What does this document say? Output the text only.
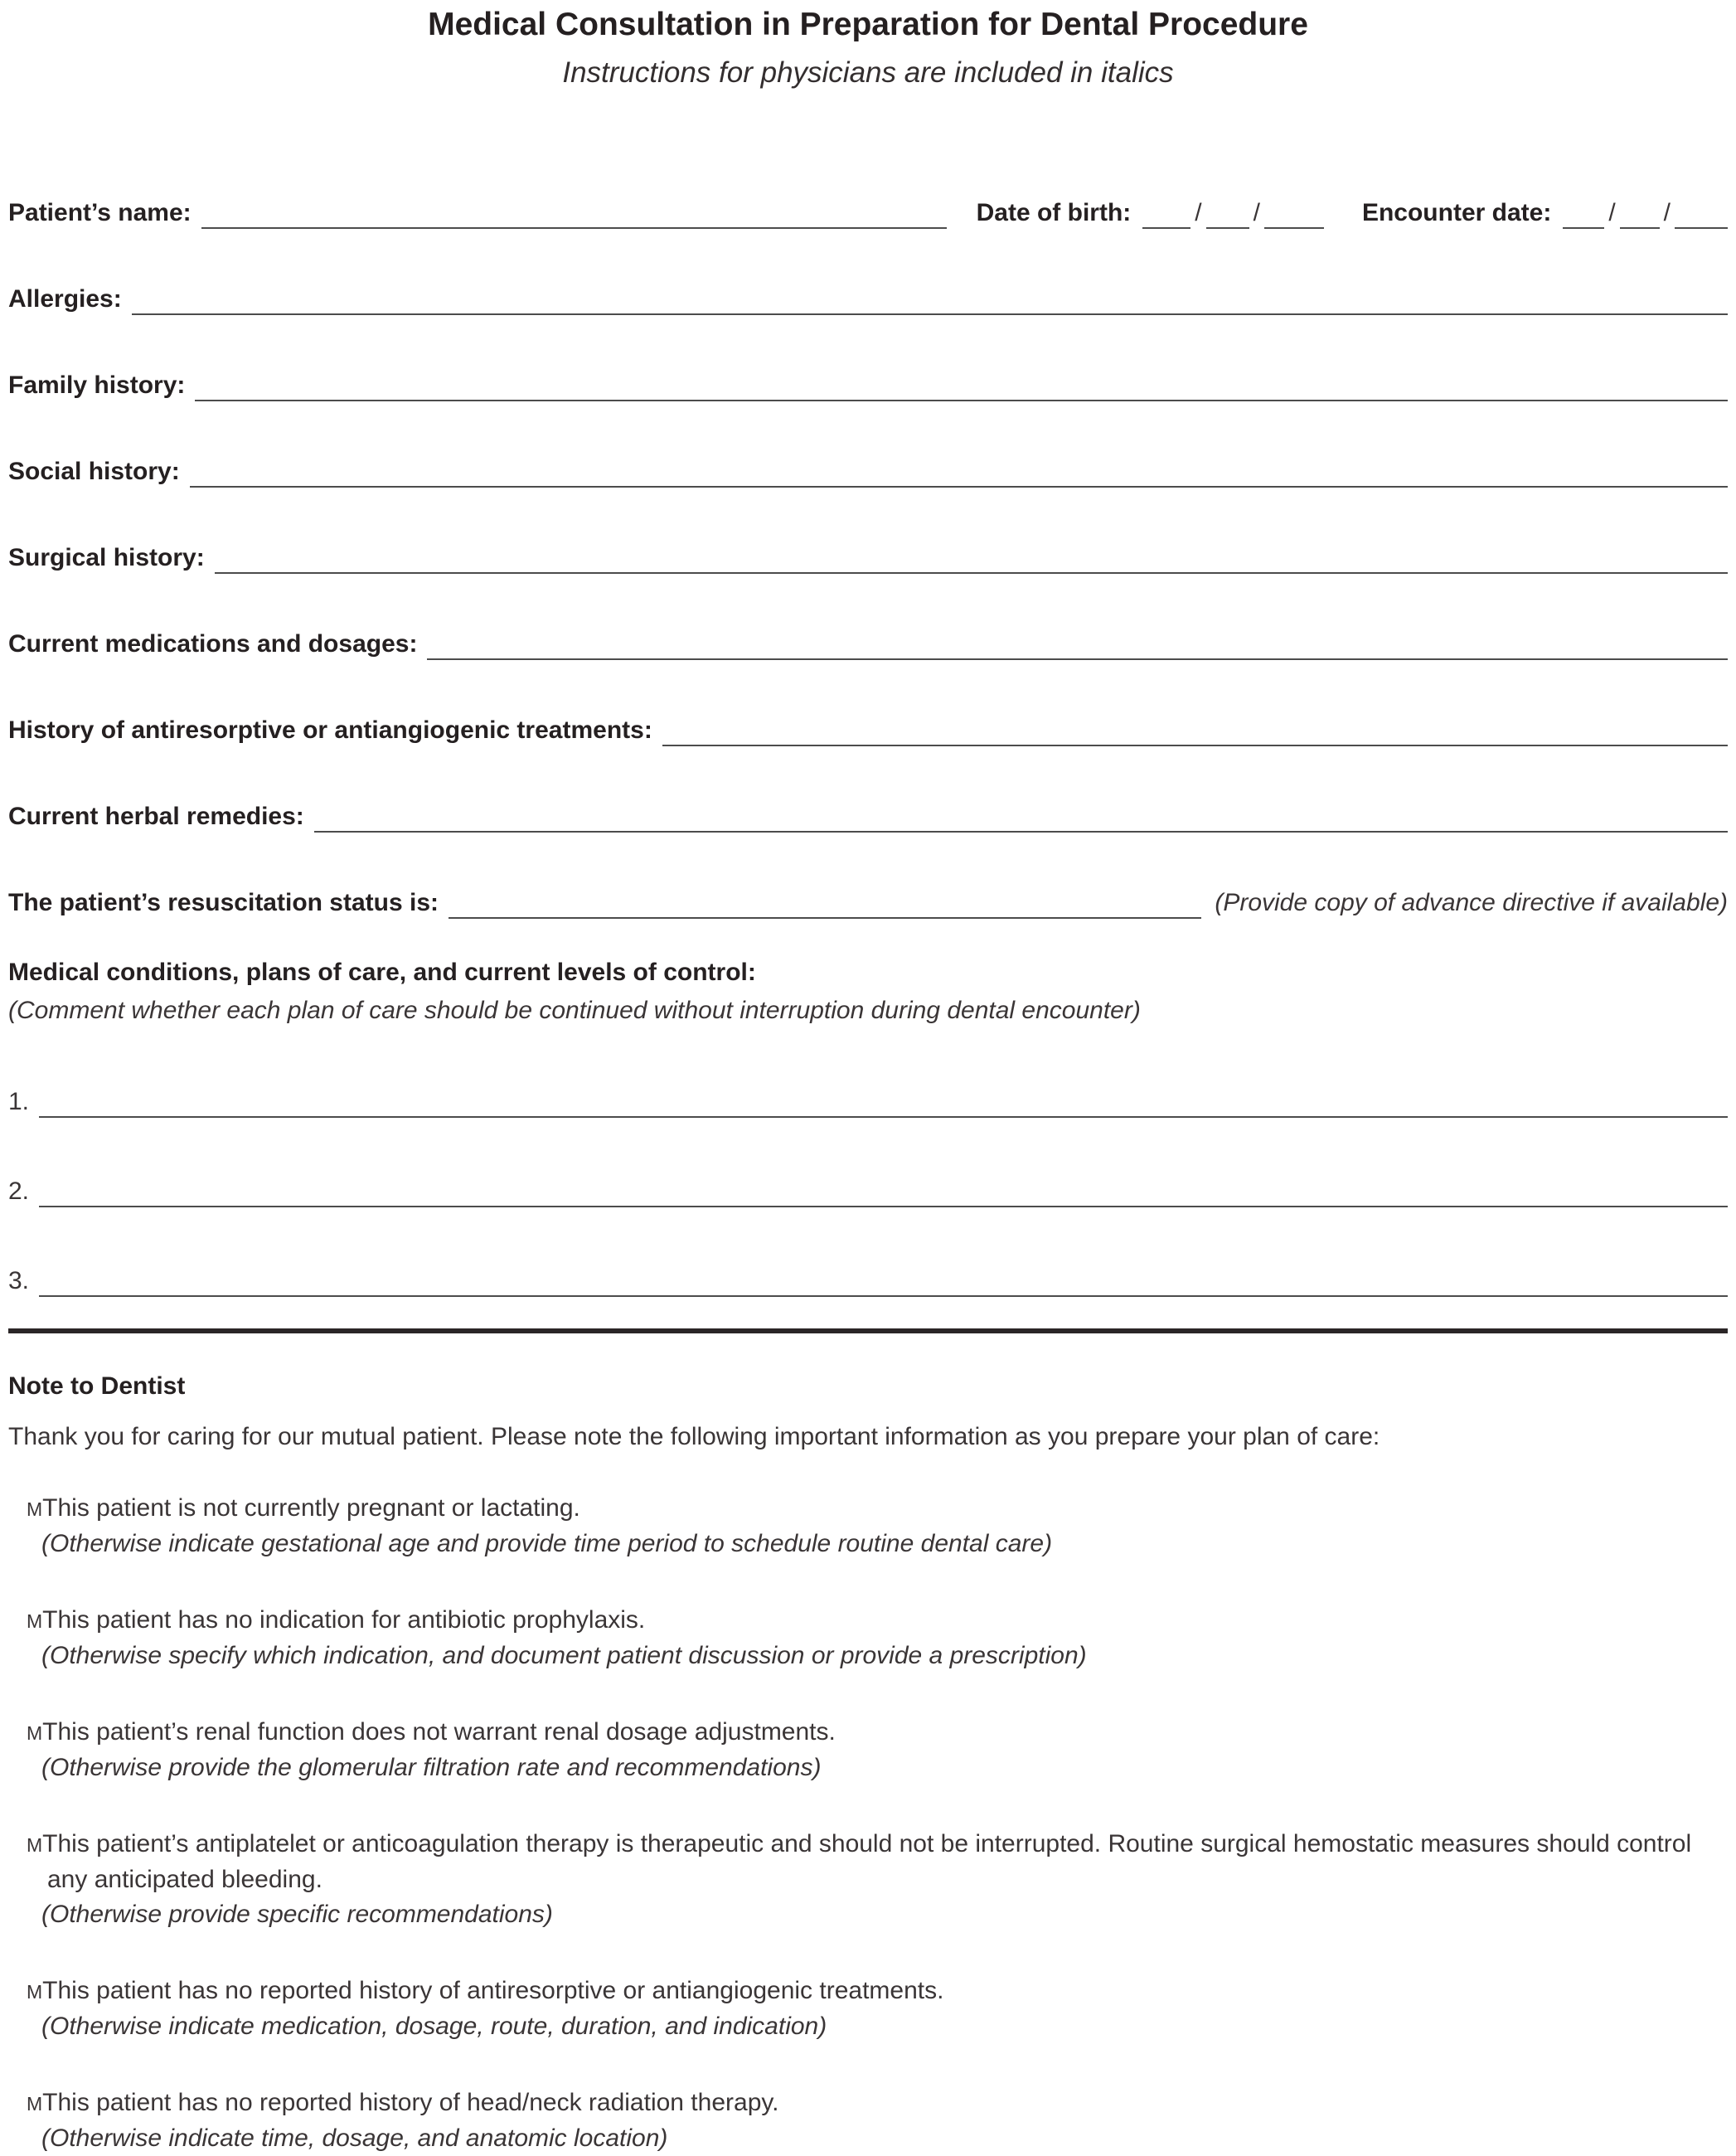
Medical Consultation in Preparation for Dental Procedure
Instructions for physicians are included in italics
Patient’s name:	Date of birth:	/ /	Encounter date: / /
Allergies:
Family history:
Social history:
Surgical history:
Current medications and dosages:
History of antiresorptive or antiangiogenic treatments:
Current herbal remedies:
The patient’s resuscitation status is:	(Provide copy of advance directive if available)
Medical conditions, plans of care, and current levels of control:
(Comment whether each plan of care should be continued without interruption during dental encounter)
1.
2.
3.
Note to Dentist
Thank you for caring for our mutual patient. Please note the following important information as you prepare your plan of care:
MThis patient is not currently pregnant or lactating.
(Otherwise indicate gestational age and provide time period to schedule routine dental care)
MThis patient has no indication for antibiotic prophylaxis.
(Otherwise specify which indication, and document patient discussion or provide a prescription)
MThis patient’s renal function does not warrant renal dosage adjustments.
(Otherwise provide the glomerular filtration rate and recommendations)
MThis patient’s antiplatelet or anticoagulation therapy is therapeutic and should not be interrupted. Routine surgical hemostatic measures should control any anticipated bleeding.
(Otherwise provide specific recommendations)
MThis patient has no reported history of antiresorptive or antiangiogenic treatments.
(Otherwise indicate medication, dosage, route, duration, and indication)
MThis patient has no reported history of head/neck radiation therapy.
(Otherwise indicate time, dosage, and anatomic location)
